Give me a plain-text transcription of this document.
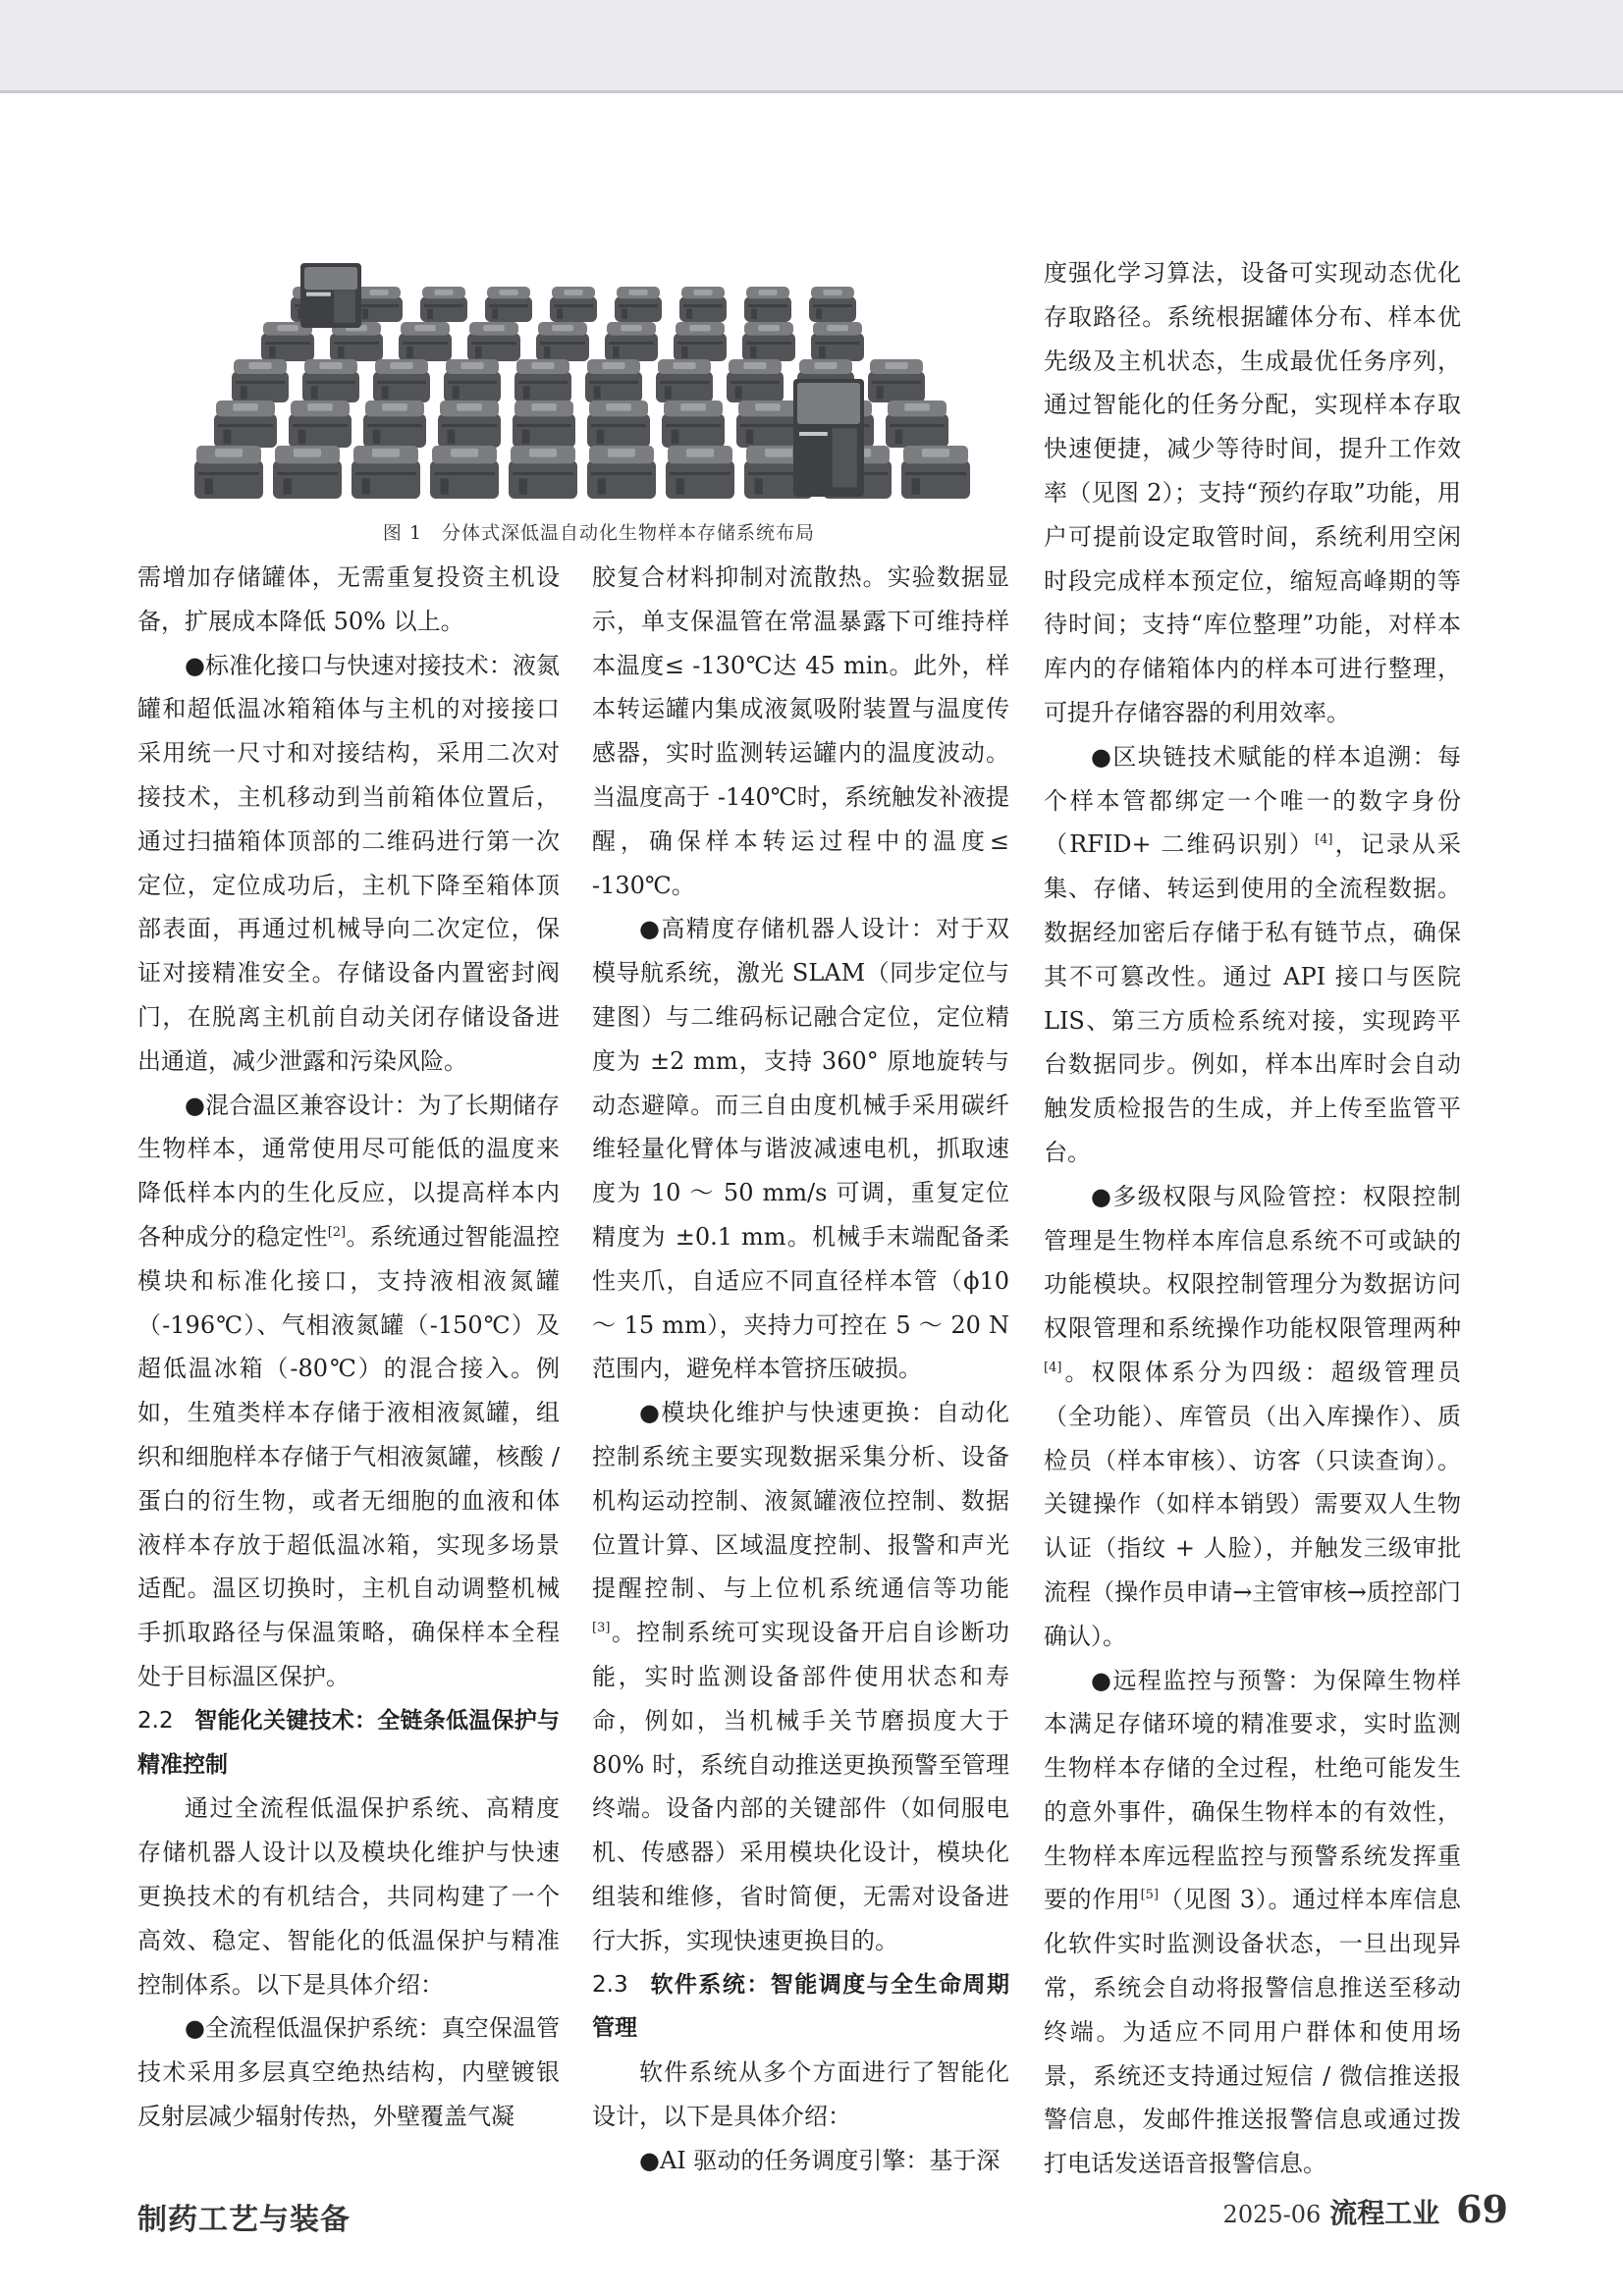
图 1　分体式深低温自动化生物样本存储系统布局

需增加存储罐体，无需重复投资主机设备，扩展成本降低 50% 以上。

●标准化接口与快速对接技术：液氮罐和超低温冰箱箱体与主机的对接接口采用统一尺寸和对接结构，采用二次对接技术，主机移动到当前箱体位置后，通过扫描箱体顶部的二维码进行第一次定位，定位成功后，主机下降至箱体顶部表面，再通过机械导向二次定位，保证对接精准安全。存储设备内置密封阀门，在脱离主机前自动关闭存储设备进出通道，减少泄露和污染风险。

●混合温区兼容设计：为了长期储存生物样本，通常使用尽可能低的温度来降低样本内的生化反应，以提高样本内各种成分的稳定性[2]。系统通过智能温控模块和标准化接口，支持液相液氮罐（-196℃）、气相液氮罐（-150℃）及超低温冰箱（-80℃）的混合接入。例如，生殖类样本存储于液相液氮罐，组织和细胞样本存储于气相液氮罐，核酸 / 蛋白的衍生物，或者无细胞的血液和体液样本存放于超低温冰箱，实现多场景适配。温区切换时，主机自动调整机械手抓取路径与保温策略，确保样本全程处于目标温区保护。

2.2 智能化关键技术：全链条低温保护与精准控制

通过全流程低温保护系统、高精度存储机器人设计以及模块化维护与快速更换技术的有机结合，共同构建了一个高效、稳定、智能化的低温保护与精准控制体系。以下是具体介绍：

●全流程低温保护系统：真空保温管技术采用多层真空绝热结构，内壁镀银反射层减少辐射传热，外壁覆盖气凝

胶复合材料抑制对流散热。实验数据显示，单支保温管在常温暴露下可维持样本温度≤ -130℃达 45 min。此外，样本转运罐内集成液氮吸附装置与温度传感器，实时监测转运罐内的温度波动。当温度高于 -140℃时，系统触发补液提醒，确保样本转运过程中的温度≤ -130℃。

●高精度存储机器人设计：对于双模导航系统，激光 SLAM（同步定位与建图）与二维码标记融合定位，定位精度为 ±2 mm，支持 360° 原地旋转与动态避障。而三自由度机械手采用碳纤维轻量化臂体与谐波减速电机，抓取速度为 10 ～ 50 mm/s 可调，重复定位精度为 ±0.1 mm。机械手末端配备柔性夹爪，自适应不同直径样本管（ϕ10 ～ 15 mm），夹持力可控在 5 ～ 20 N 范围内，避免样本管挤压破损。

●模块化维护与快速更换：自动化控制系统主要实现数据采集分析、设备机构运动控制、液氮罐液位控制、数据位置计算、区域温度控制、报警和声光提醒控制、与上位机系统通信等功能[3]。控制系统可实现设备开启自诊断功能，实时监测设备部件使用状态和寿命，例如，当机械手关节磨损度大于 80% 时，系统自动推送更换预警至管理终端。设备内部的关键部件（如伺服电机、传感器）采用模块化设计，模块化组装和维修，省时简便，无需对设备进行大拆，实现快速更换目的。

2.3 软件系统：智能调度与全生命周期管理

软件系统从多个方面进行了智能化设计，以下是具体介绍：

●AI 驱动的任务调度引擎：基于深

度强化学习算法，设备可实现动态优化存取路径。系统根据罐体分布、样本优先级及主机状态，生成最优任务序列，通过智能化的任务分配，实现样本存取快速便捷，减少等待时间，提升工作效率（见图 2）；支持“预约存取”功能，用户可提前设定取管时间，系统利用空闲时段完成样本预定位，缩短高峰期的等待时间；支持“库位整理”功能，对样本库内的存储箱体内的样本可进行整理，可提升存储容器的利用效率。

●区块链技术赋能的样本追溯：每个样本管都绑定一个唯一的数字身份（RFID+ 二维码识别）[4]，记录从采集、存储、转运到使用的全流程数据。数据经加密后存储于私有链节点，确保其不可篡改性。通过 API 接口与医院 LIS、第三方质检系统对接，实现跨平台数据同步。例如，样本出库时会自动触发质检报告的生成，并上传至监管平台。

●多级权限与风险管控：权限控制管理是生物样本库信息系统不可或缺的功能模块。权限控制管理分为数据访问权限管理和系统操作功能权限管理两种[4]。权限体系分为四级：超级管理员（全功能）、库管员（出入库操作）、质检员（样本审核）、访客（只读查询）。关键操作（如样本销毁）需要双人生物认证（指纹 + 人脸），并触发三级审批流程（操作员申请→主管审核→质控部门确认）。

●远程监控与预警：为保障生物样本满足存储环境的精准要求，实时监测生物样本存储的全过程，杜绝可能发生的意外事件，确保生物样本的有效性，生物样本库远程监控与预警系统发挥重要的作用[5]（见图 3）。通过样本库信息化软件实时监测设备状态，一旦出现异常，系统会自动将报警信息推送至移动终端。为适应不同用户群体和使用场景，系统还支持通过短信 / 微信推送报警信息，发邮件推送报警信息或通过拨打电话发送语音报警信息。

制药工艺与装备	2025-06 流程工业 69
